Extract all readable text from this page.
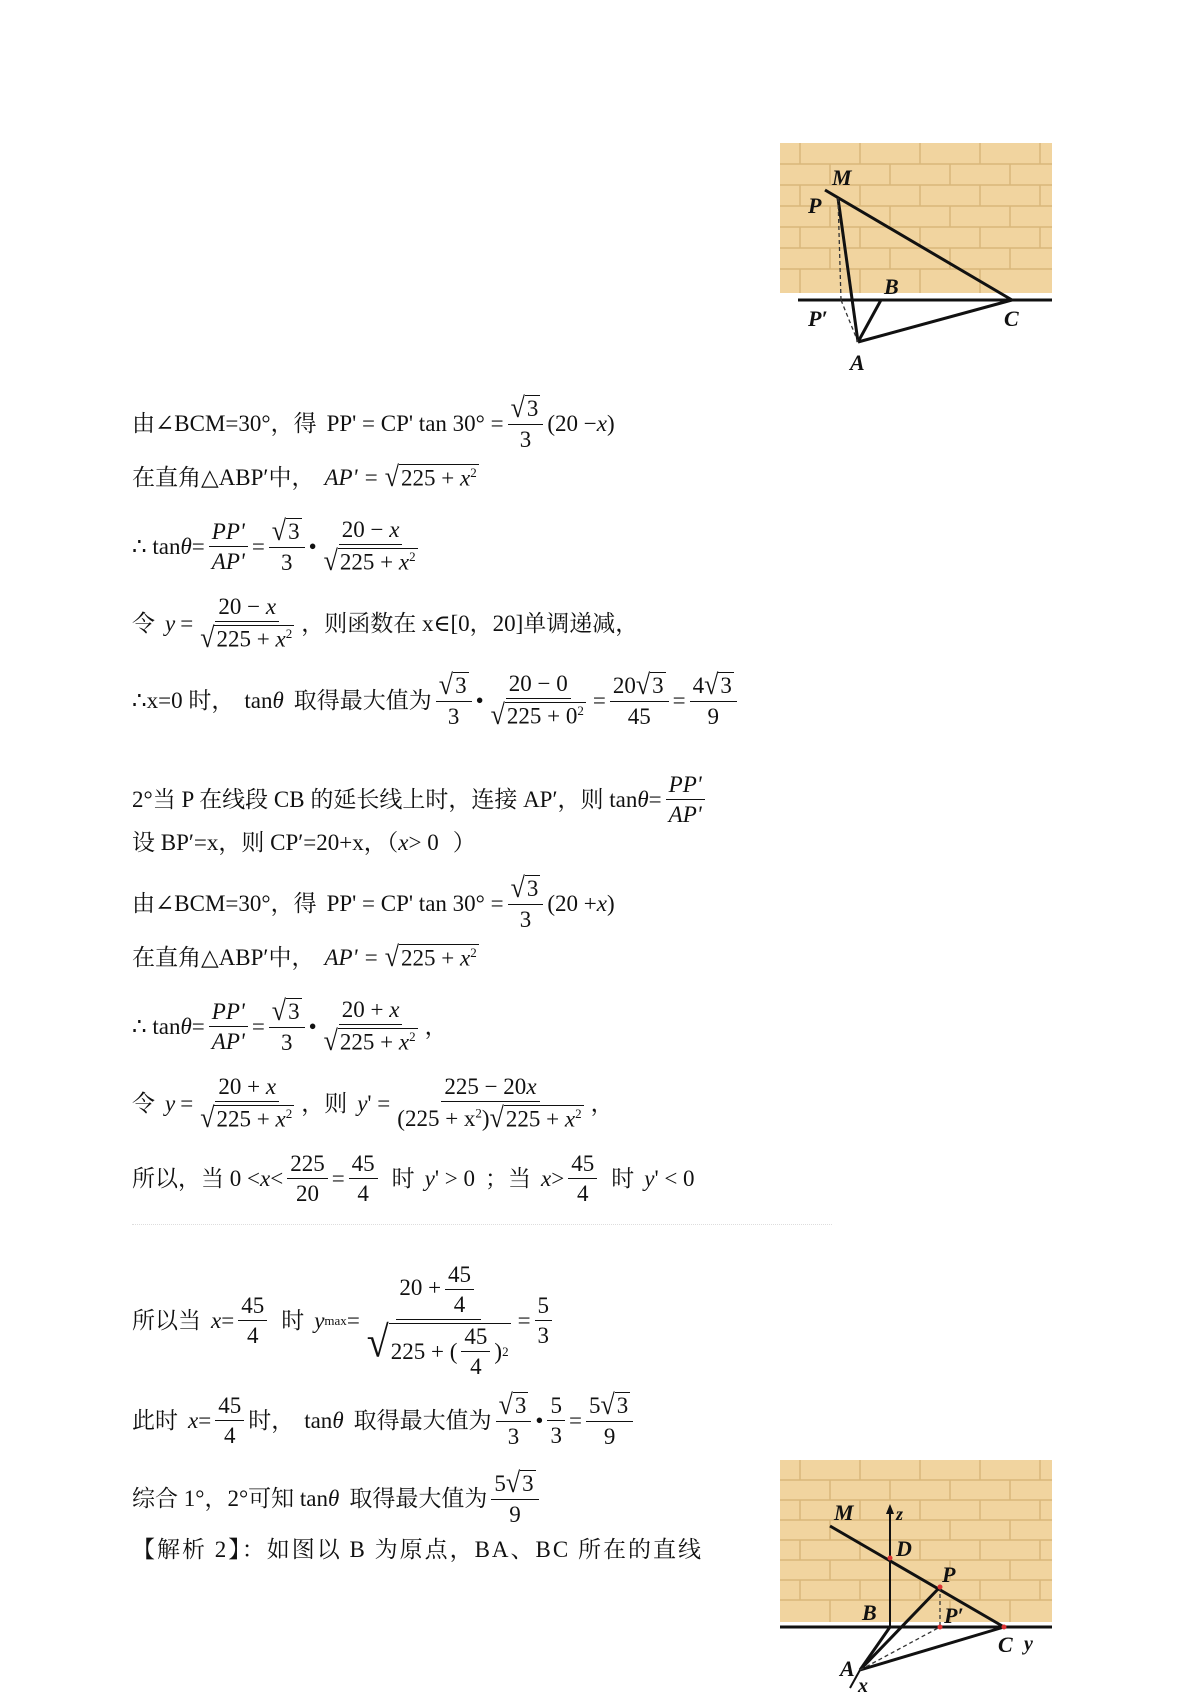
M
P
B
P′	C
A
由∠BCM=30°，得 PP' = CP' $\tan 30^\circ = \frac{√ 3}{3} (20 - x$ )
在直角△ABP′中， AP' = √ $225 + x^2$
∴ $\tan \theta = \frac{PP'}{AP'} = \frac{√ 3}{3}$ • $\frac{20 - x}{√ 225 + x^2}$
令 $y = \frac{20 - x}{√ 225 + x^2}$ ，则函数在 x∈[0，20]单调递减，
∴x=0 时， tan θ 取得最大值为 $\frac{√ 3}{3}$ • $\frac{20 - 0}{√ 225 + 0^2} = \frac{20 √ 3}{45} = \frac{4 √ 3}{9}$
2°当 P 在线段 CB 的延长线上时，连接 AP′，则 $\tan \theta = \frac{PP'}{AP'}$
设 BP′=x，则 CP′=20+x，（ x > 0 ）
由∠BCM=30°，得 PP' = CP' $\tan 30^\circ = \frac{√ 3}{3} (20 + x$ )
在直角△ABP′中， AP' = √ $225 + x^2$
∴ $\tan \theta = \frac{PP'}{AP'} = \frac{√ 3}{3}$ • $\frac{20 + x}{√ 225 + x^2}$ ，
令 $y = \frac{20 + x}{√ 225 + x^2}$ ，则 y ' = $\frac{225 - 20x}{(225 + x^2) √ 225 + x^2}$ ，
所以，当 $0 < x < \frac{225}{20} = \frac{45}{4}$ 时 y ' > 0 ；当 $x > \frac{45}{4}$ 时 y ' < 0
所以当 $x = \frac{45}{4}$ 时 y $\max = \frac{20 + \frac{45}{4}}{√ 225 + ( \frac{45}{4} ) 2} = \frac{5}{3}$
此时 $x = \frac{45}{4}$ 时， tan θ 取得最大值为 $\frac{√ 3}{3}$ • $\frac{5}{3} = \frac{5 √ 3}{9}$
综合 1°，2°可知 tan θ 取得最大值为 $\frac{5 √ 3}{9}$
【解析 2】：如图以 B 为原点，BA、BC 所在的直线
M z
D
P
B	P′
C y
A
x
